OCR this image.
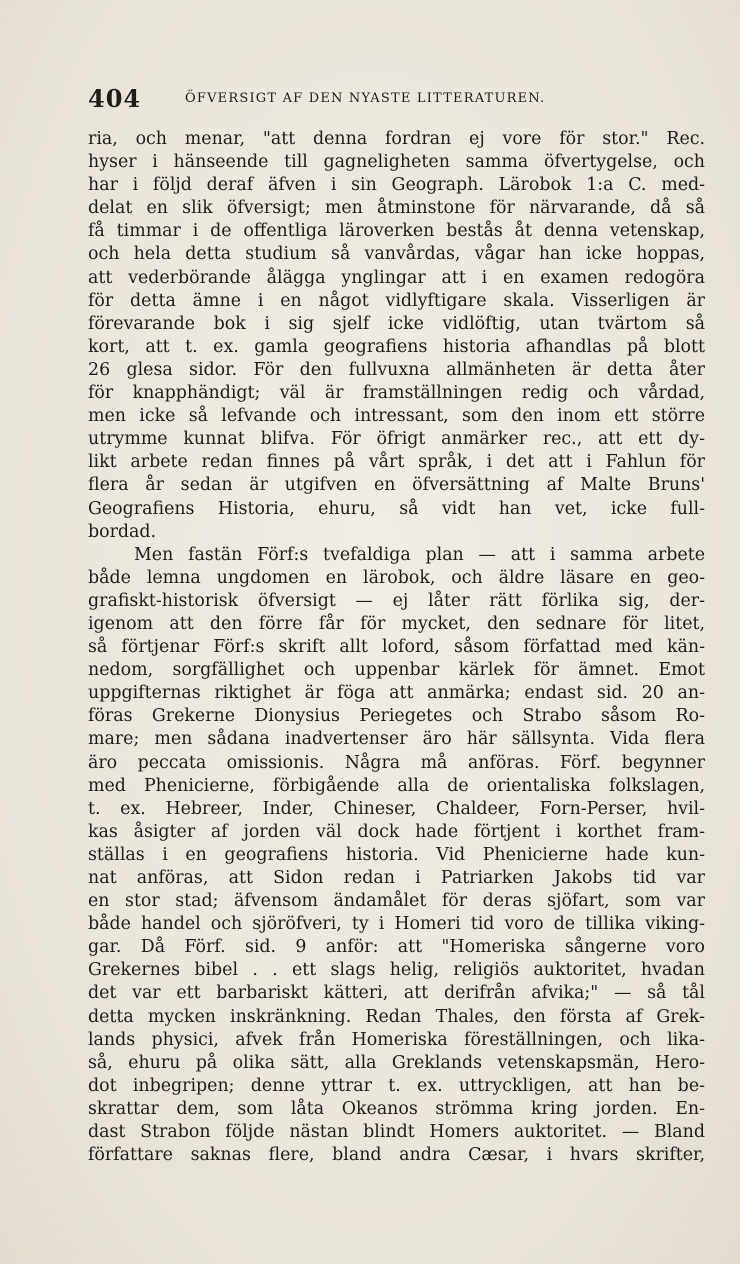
404	ÖFVERSIGT AF DEN NYASTE LITTERATUREN.
ria, och menar, "att denna fordran ej vore för stor." Rec.
hyser i hänseende till gagneligheten samma öfvertygelse, och
har i följd deraf äfven i sin Geograph. Lärobok 1:a C. med-
delat en slik öfversigt; men åtminstone för närvarande, då så
få timmar i de offentliga läroverken bestås åt denna vetenskap,
och hela detta studium så vanvårdas, vågar han icke hoppas,
att vederbörande ålägga ynglingar att i en examen redogöra
för detta ämne i en något vidlyftigare skala. Visserligen är
förevarande bok i sig sjelf icke vidlöftig, utan tvärtom så
kort, att t. ex. gamla geografiens historia afhandlas på blott
26 glesa sidor. För den fullvuxna allmänheten är detta åter
för knapphändigt; väl är framställningen redig och vårdad,
men icke så lefvande och intressant, som den inom ett större
utrymme kunnat blifva. För öfrigt anmärker rec., att ett dy-
likt arbete redan finnes på vårt språk, i det att i Fahlun för
flera år sedan är utgifven en öfversättning af Malte Bruns'
Geografiens Historia, ehuru, så vidt han vet, icke full-
bordad.
Men fastän Förf:s tvefaldiga plan — att i samma arbete
både lemna ungdomen en lärobok, och äldre läsare en geo-
grafiskt-historisk öfversigt — ej låter rätt förlika sig, der-
igenom att den förre får för mycket, den sednare för litet,
så förtjenar Förf:s skrift allt loford, såsom författad med kän-
nedom, sorgfällighet och uppenbar kärlek för ämnet. Emot
uppgifternas riktighet är föga att anmärka; endast sid. 20 an-
föras Grekerne Dionysius Periegetes och Strabo såsom Ro-
mare; men sådana inadvertenser äro här sällsynta. Vida flera
äro peccata omissionis. Några må anföras. Förf. begynner
med Phenicierne, förbigående alla de orientaliska folkslagen,
t. ex. Hebreer, Inder, Chineser, Chaldeer, Forn-Perser, hvil-
kas åsigter af jorden väl dock hade förtjent i korthet fram-
ställas i en geografiens historia. Vid Phenicierne hade kun-
nat anföras, att Sidon redan i Patriarken Jakobs tid var
en stor stad; äfvensom ändamålet för deras sjöfart, som var
både handel och sjöröfveri, ty i Homeri tid voro de tillika viking-
gar. Då Förf. sid. 9 anför: att "Homeriska sångerne voro
Grekernes bibel . . ett slags helig, religiös auktoritet, hvadan
det var ett barbariskt kätteri, att derifrån afvika;" — så tål
detta mycken inskränkning. Redan Thales, den första af Grek-
lands physici, afvek från Homeriska föreställningen, och lika-
så, ehuru på olika sätt, alla Greklands vetenskapsmän, Hero-
dot inbegripen; denne yttrar t. ex. uttryckligen, att han be-
skrattar dem, som låta Okeanos strömma kring jorden. En-
dast Strabon följde nästan blindt Homers auktoritet. — Bland
författare saknas flere, bland andra Cæsar, i hvars skrifter,
